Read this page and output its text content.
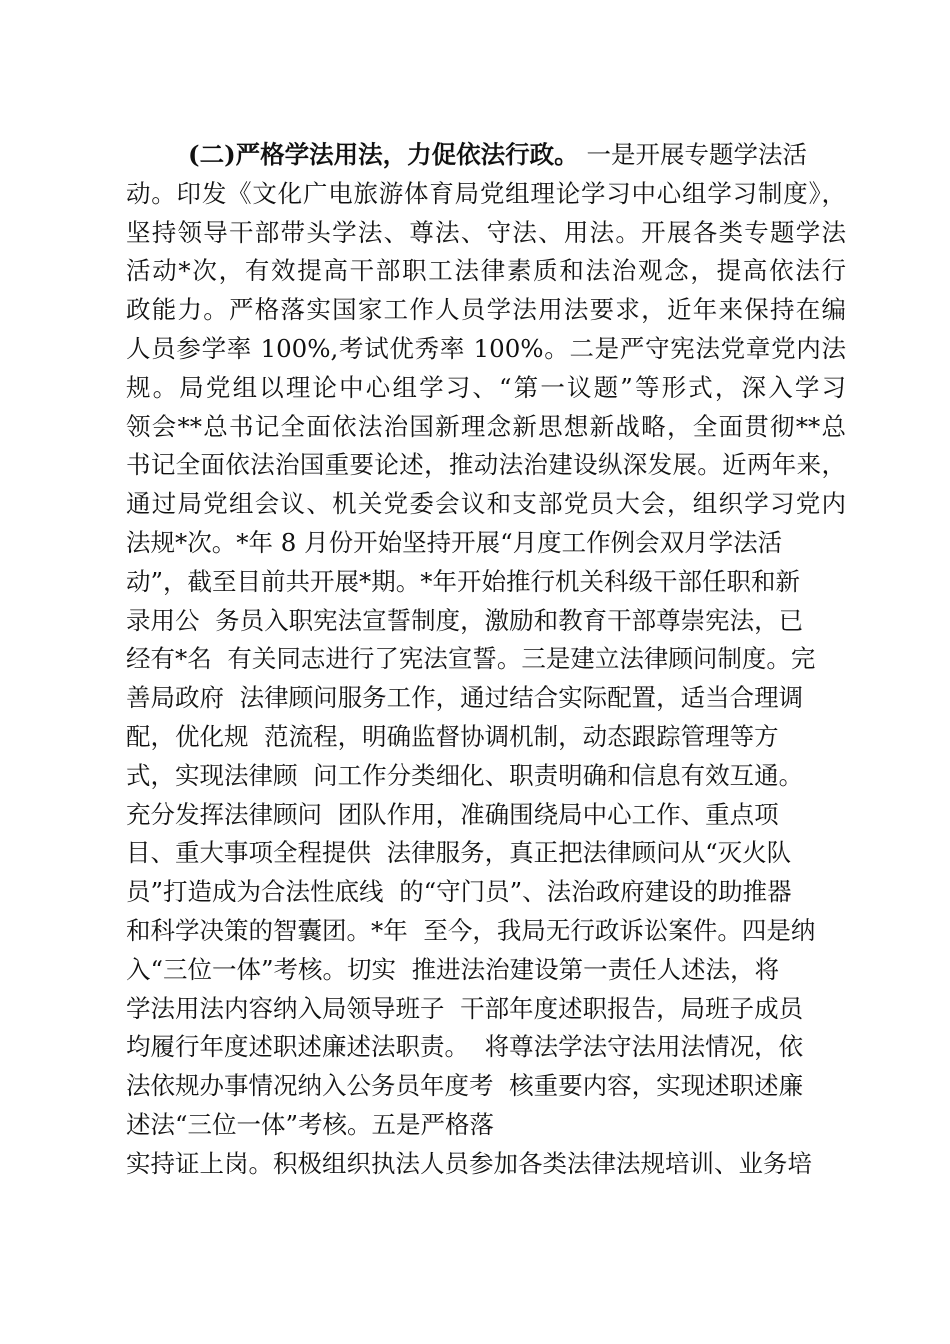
(二)严格学法用法，力促依法行政。 一是开展专题学法活
动。印发《文化广电旅游体育局党组理论学习中心组学习制度》，
坚持领导干部带头学法、尊法、守法、用法。开展各类专题学法
活动*次，有效提高干部职工法律素质和法治观念，提高依法行
政能力。严格落实国家工作人员学法用法要求，近年来保持在编
人员参学率 100%,考试优秀率 100%。二是严守宪法党章党内法
规。局党组以理论中心组学习、“第一议题”等形式，深入学习
领会**总书记全面依法治国新理念新思想新战略，全面贯彻**总
书记全面依法治国重要论述，推动法治建设纵深发展。近两年来，
通过局党组会议、机关党委会议和支部党员大会，组织学习党内
法规*次。*年 8 月份开始坚持开展“月度工作例会双月学法活
动”，截至目前共开展*期。*年开始推行机关科级干部任职和新
录用公  务员入职宪法宣誓制度，激励和教育干部尊崇宪法，已
经有*名  有关同志进行了宪法宣誓。三是建立法律顾问制度。完
善局政府  法律顾问服务工作，通过结合实际配置，适当合理调
配，优化规  范流程，明确监督协调机制，动态跟踪管理等方
式，实现法律顾  问工作分类细化、职责明确和信息有效互通。
充分发挥法律顾问  团队作用，准确围绕局中心工作、重点项
目、重大事项全程提供  法律服务，真正把法律顾问从“灭火队
员”打造成为合法性底线  的“守门员”、法治政府建设的助推器
和科学决策的智囊团。*年  至今，我局无行政诉讼案件。四是纳
入“三位一体”考核。切实  推进法治建设第一责任人述法，将
学法用法内容纳入局领导班子  干部年度述职报告，局班子成员
均履行年度述职述廉述法职责。  将尊法学法守法用法情况，依
法依规办事情况纳入公务员年度考  核重要内容，实现述职述廉
述法“三位一体”考核。五是严格落
实持证上岗。积极组织执法人员参加各类法律法规培训、业务培
